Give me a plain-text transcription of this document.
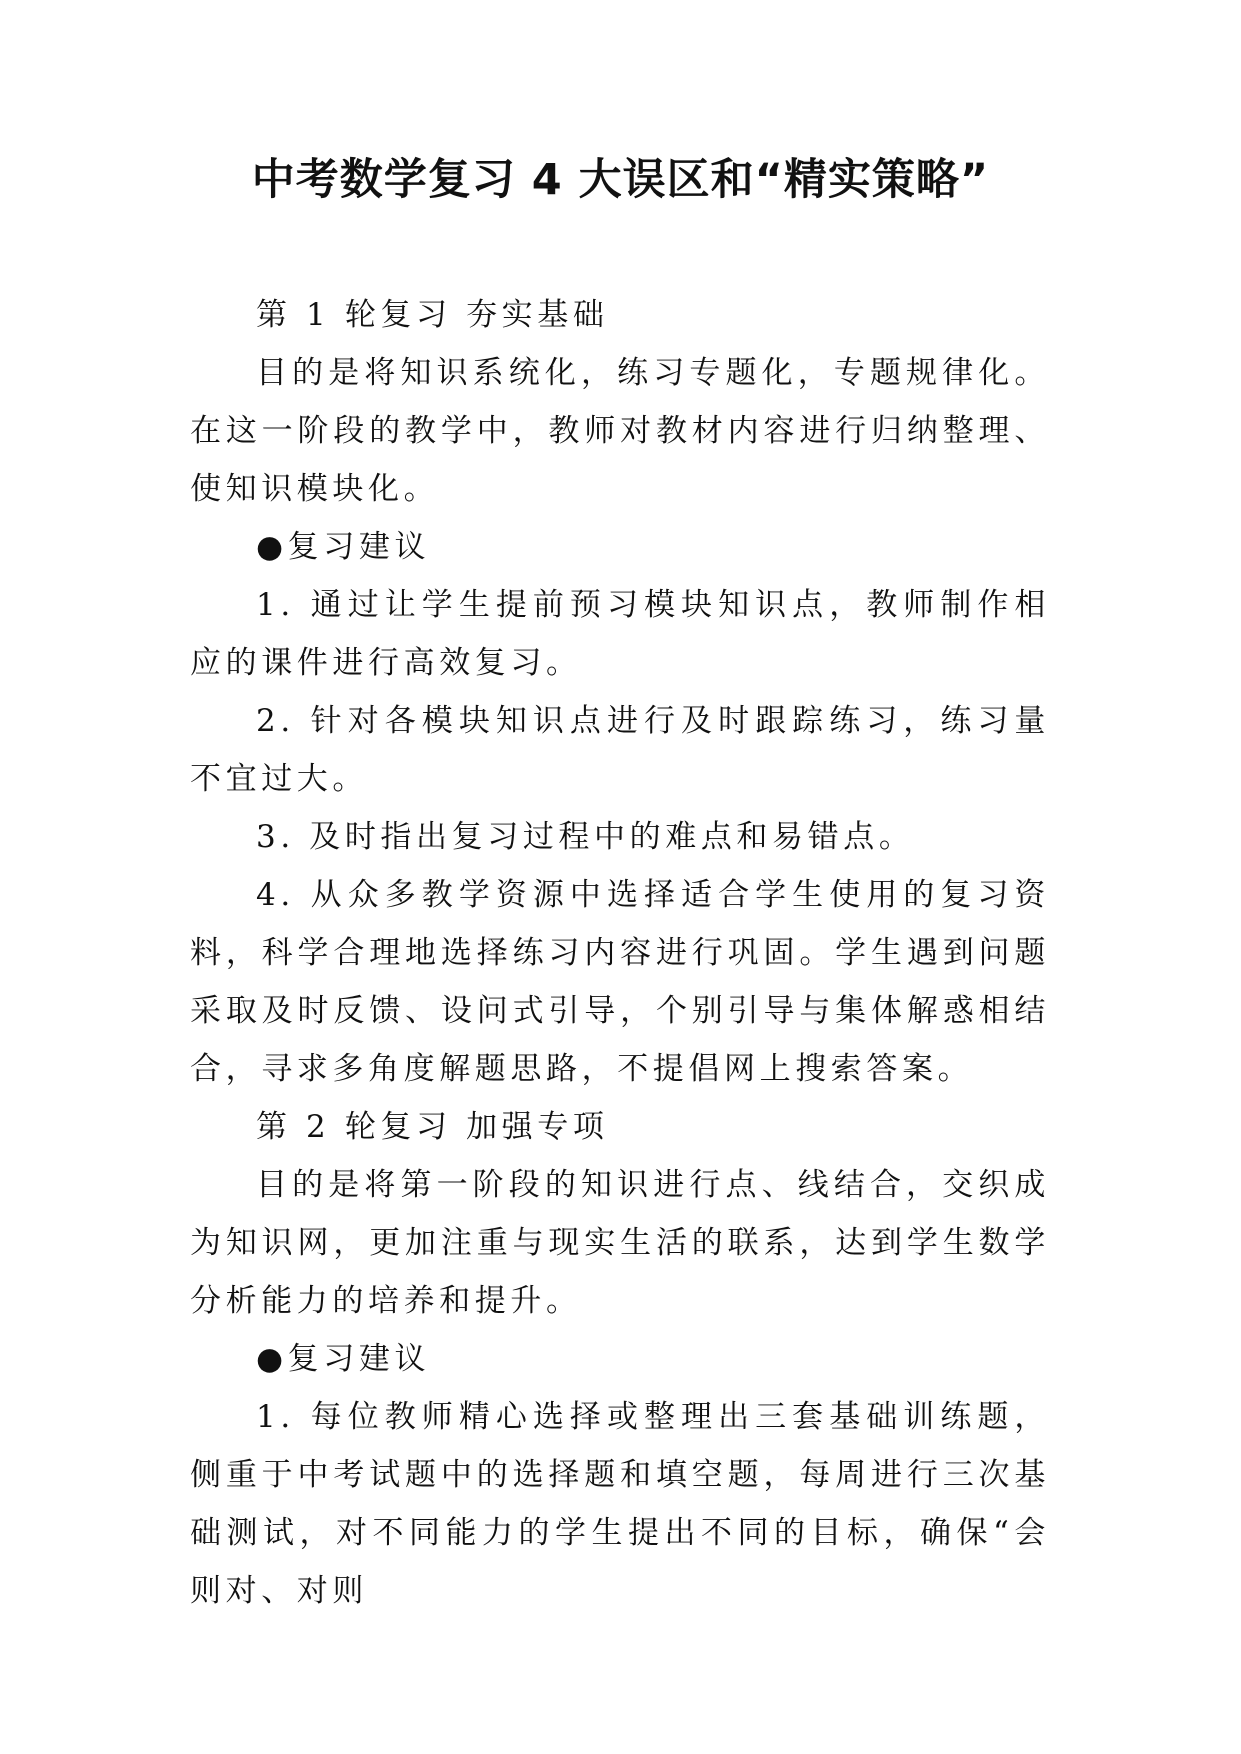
中考数学复习 4 大误区和“精实策略”

第 1 轮复习 夯实基础

目的是将知识系统化，练习专题化，专题规律化。在这一阶段的教学中，教师对教材内容进行归纳整理、使知识模块化。

●复习建议

1. 通过让学生提前预习模块知识点，教师制作相应的课件进行高效复习。

2. 针对各模块知识点进行及时跟踪练习，练习量不宜过大。

3. 及时指出复习过程中的难点和易错点。

4. 从众多教学资源中选择适合学生使用的复习资料，科学合理地选择练习内容进行巩固。学生遇到问题采取及时反馈、设问式引导，个别引导与集体解惑相结合，寻求多角度解题思路，不提倡网上搜索答案。

第 2 轮复习 加强专项

目的是将第一阶段的知识进行点、线结合，交织成为知识网，更加注重与现实生活的联系，达到学生数学分析能力的培养和提升。

●复习建议

1. 每位教师精心选择或整理出三套基础训练题，侧重于中考试题中的选择题和填空题，每周进行三次基础测试，对不同能力的学生提出不同的目标，确保“会则对、对则
